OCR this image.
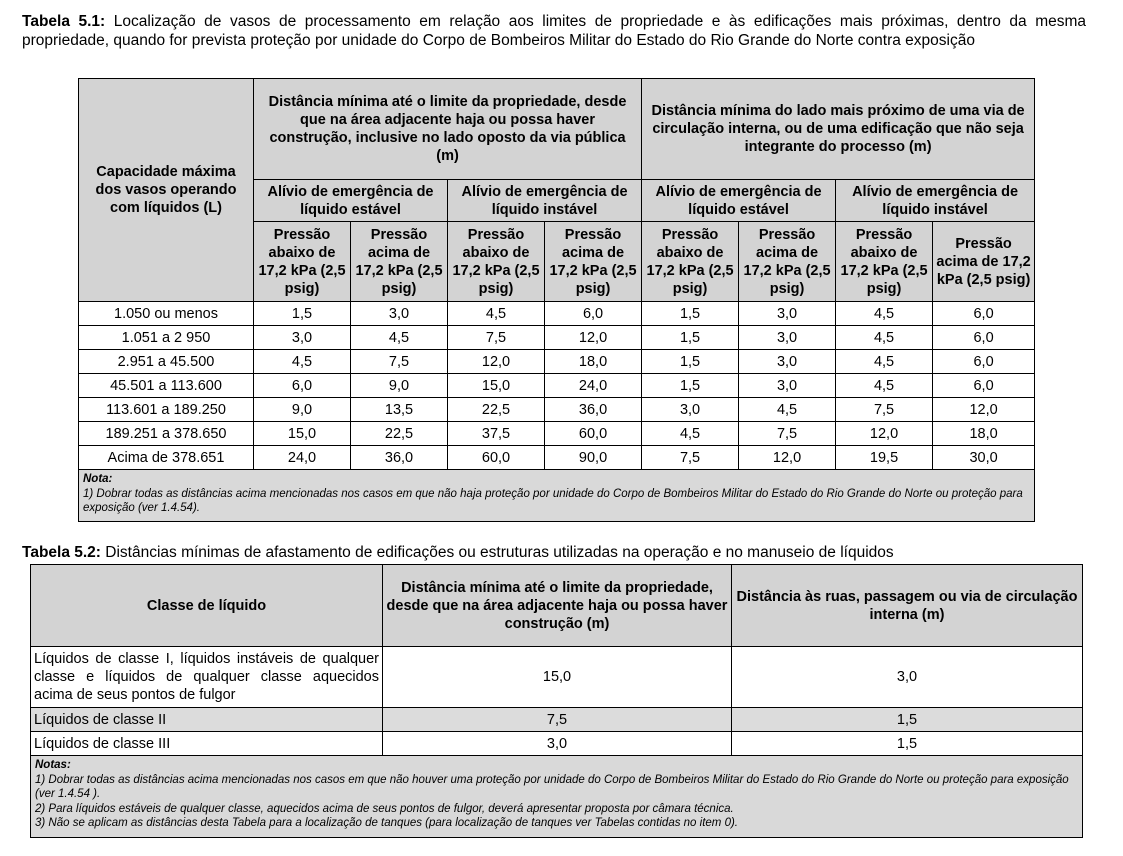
Tabela 5.1: Localização de vasos de processamento em relação aos limites de propriedade e às edificações mais próximas, dentro da mesma propriedade, quando for prevista proteção por unidade do Corpo de Bombeiros Militar do Estado do Rio Grande do Norte contra exposição
Capacidade máxima dos vasos operando com líquidos (L)	Distância mínima até o limite da propriedade, desde que na área adjacente haja ou possa haver construção, inclusive no lado oposto da via pública (m)				Distância mínima do lado mais próximo de uma via de circulação interna, ou de uma edificação que não seja integrante do processo (m)			
	Alívio de emergência de líquido estável		Alívio de emergência de líquido instável		Alívio de emergência de líquido estável		Alívio de emergência de líquido instável	
	Pressão abaixo de 17,2 kPa (2,5 psig)	Pressão acima de 17,2 kPa (2,5 psig)	Pressão abaixo de 17,2 kPa (2,5 psig)	Pressão acima de 17,2 kPa (2,5 psig)	Pressão abaixo de 17,2 kPa (2,5 psig)	Pressão acima de 17,2 kPa (2,5 psig)	Pressão abaixo de 17,2 kPa (2,5 psig)	Pressão acima de 17,2 kPa (2,5 psig)
1.050 ou menos	1,5	3,0	4,5	6,0	1,5	3,0	4,5	6,0
1.051 a 2 950	3,0	4,5	7,5	12,0	1,5	3,0	4,5	6,0
2.951 a 45.500	4,5	7,5	12,0	18,0	1,5	3,0	4,5	6,0
45.501 a 113.600	6,0	9,0	15,0	24,0	1,5	3,0	4,5	6,0
113.601 a 189.250	9,0	13,5	22,5	36,0	3,0	4,5	7,5	12,0
189.251 a 378.650	15,0	22,5	37,5	60,0	4,5	7,5	12,0	18,0
Acima de 378.651	24,0	36,0	60,0	90,0	7,5	12,0	19,5	30,0
Nota:
1) Dobrar todas as distâncias acima mencionadas nos casos em que não haja proteção por unidade do Corpo de Bombeiros Militar do Estado do Rio Grande do Norte ou proteção para exposição (ver 1.4.54).								
Tabela 5.2: Distâncias mínimas de afastamento de edificações ou estruturas utilizadas na operação e no manuseio de líquidos
Classe de líquido	Distância mínima até o limite da propriedade, desde que na área adjacente haja ou possa haver construção (m)	Distância às ruas, passagem ou via de circulação interna (m)
Líquidos de classe I, líquidos instáveis de qualquer classe e líquidos de qualquer classe aquecidos acima de seus pontos de fulgor	15,0	3,0
Líquidos de classe II	7,5	1,5
Líquidos de classe III	3,0	1,5
Notas:
1) Dobrar todas as distâncias acima mencionadas nos casos em que não houver uma proteção por unidade do Corpo de Bombeiros Militar do Estado do Rio Grande do Norte ou proteção para exposição (ver 1.4.54 ).
2) Para líquidos estáveis de qualquer classe, aquecidos acima de seus pontos de fulgor, deverá apresentar proposta por câmara técnica.
3) Não se aplicam as distâncias desta Tabela para a localização de tanques (para localização de tanques ver Tabelas contidas no item 0).		
